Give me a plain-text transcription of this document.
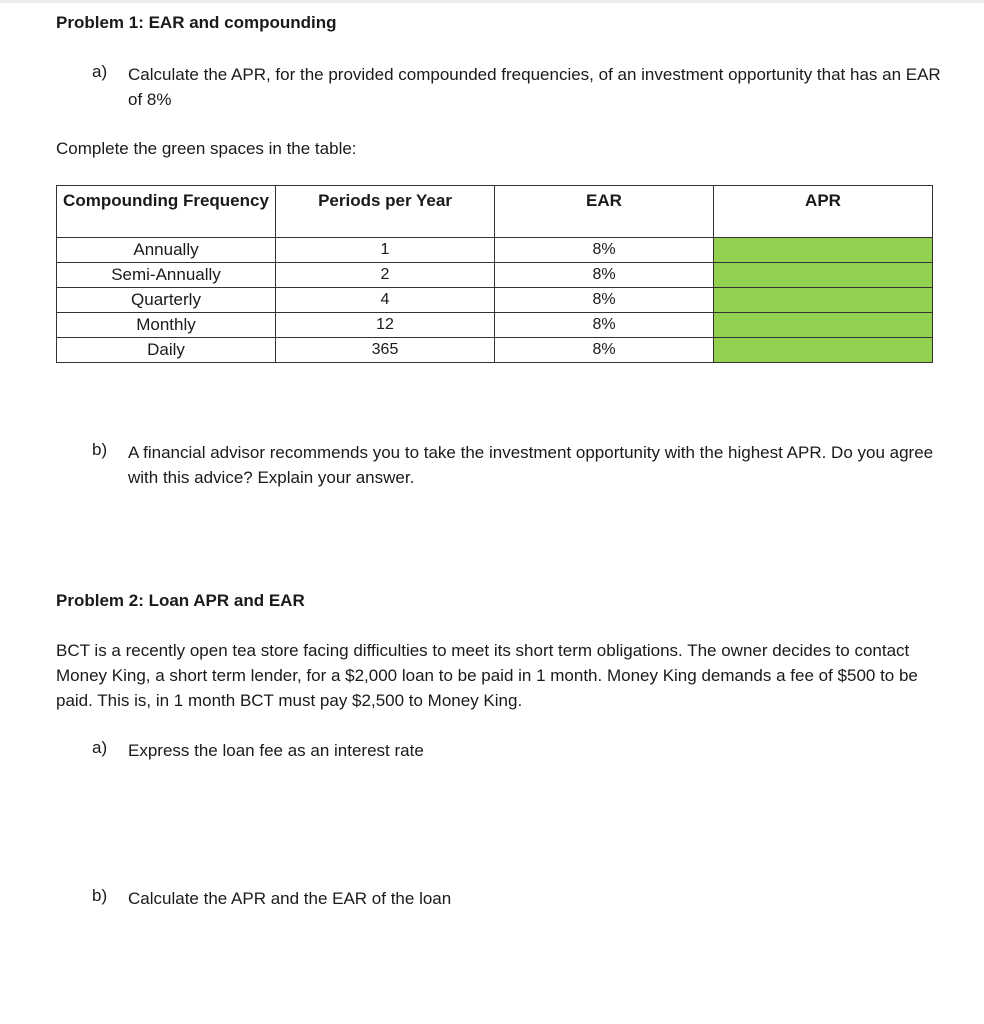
Problem 1: EAR and compounding
a) Calculate the APR, for the provided compounded frequencies, of an investment opportunity that has an EAR of 8%
Complete the green spaces in the table:
Compounding Frequency	Periods per Year	EAR	APR
Annually	1	8%	
Semi-Annually	2	8%	
Quarterly	4	8%	
Monthly	12	8%	
Daily	365	8%	
b) A financial advisor recommends you to take the investment opportunity with the highest APR. Do you agree with this advice? Explain your answer.
Problem 2: Loan APR and EAR
BCT is a recently open tea store facing difficulties to meet its short term obligations. The owner decides to contact Money King, a short term lender, for a $2,000 loan to be paid in 1 month. Money King demands a fee of $500 to be paid. This is, in 1 month BCT must pay $2,500 to Money King.
a) Express the loan fee as an interest rate
b) Calculate the APR and the EAR of the loan
